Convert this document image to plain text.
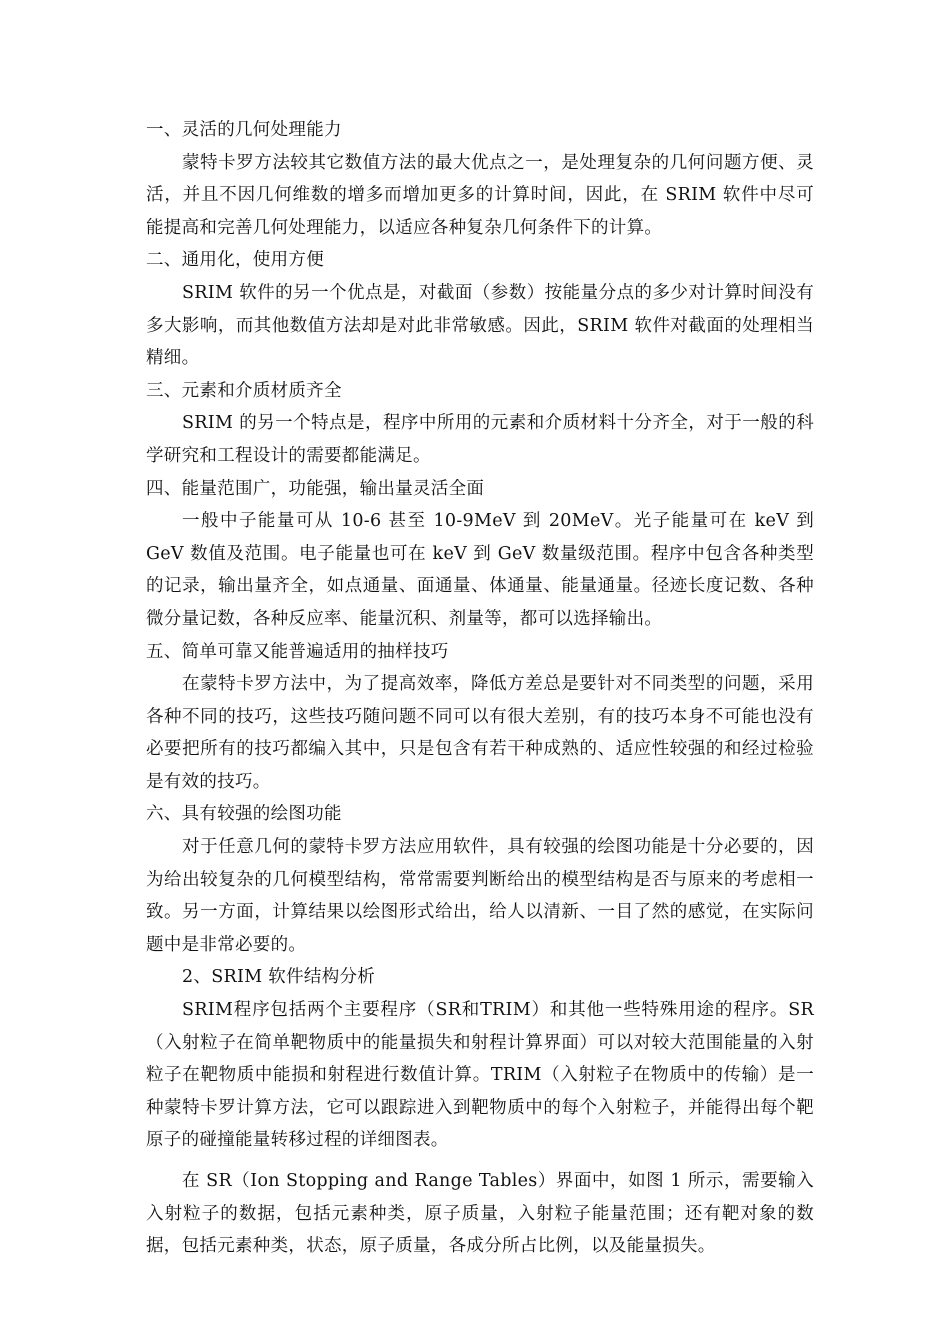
一、灵活的几何处理能力

蒙特卡罗方法较其它数值方法的最大优点之一，是处理复杂的几何问题方便、灵活，并且不因几何维数的增多而增加更多的计算时间，因此，在 SRIM 软件中尽可能提高和完善几何处理能力，以适应各种复杂几何条件下的计算。

二、通用化，使用方便

SRIM 软件的另一个优点是，对截面（参数）按能量分点的多少对计算时间没有多大影响，而其他数值方法却是对此非常敏感。因此，SRIM 软件对截面的处理相当精细。

三、元素和介质材质齐全

SRIM 的另一个特点是，程序中所用的元素和介质材料十分齐全，对于一般的科学研究和工程设计的需要都能满足。

四、能量范围广，功能强，输出量灵活全面

一般中子能量可从 10-6 甚至 10-9MeV 到 20MeV。光子能量可在 keV 到 GeV 数值及范围。电子能量也可在 keV 到 GeV 数量级范围。程序中包含各种类型的记录，输出量齐全，如点通量、面通量、体通量、能量通量。径迹长度记数、各种微分量记数，各种反应率、能量沉积、剂量等，都可以选择输出。

五、简单可靠又能普遍适用的抽样技巧

在蒙特卡罗方法中，为了提高效率，降低方差总是要针对不同类型的问题，采用各种不同的技巧，这些技巧随问题不同可以有很大差别，有的技巧本身不可能也没有必要把所有的技巧都编入其中，只是包含有若干种成熟的、适应性较强的和经过检验是有效的技巧。

六、具有较强的绘图功能

对于任意几何的蒙特卡罗方法应用软件，具有较强的绘图功能是十分必要的，因为给出较复杂的几何模型结构，常常需要判断给出的模型结构是否与原来的考虑相一致。另一方面，计算结果以绘图形式给出，给人以清新、一目了然的感觉，在实际问题中是非常必要的。

2、SRIM 软件结构分析

SRIM程序包括两个主要程序（SR和TRIM）和其他一些特殊用途的程序。SR（入射粒子在简单靶物质中的能量损失和射程计算界面）可以对较大范围能量的入射粒子在靶物质中能损和射程进行数值计算。TRIM（入射粒子在物质中的传输）是一种蒙特卡罗计算方法，它可以跟踪进入到靶物质中的每个入射粒子，并能得出每个靶原子的碰撞能量转移过程的详细图表。

在 SR（Ion Stopping and Range Tables）界面中，如图 1 所示，需要输入入射粒子的数据，包括元素种类，原子质量，入射粒子能量范围；还有靶对象的数据，包括元素种类，状态，原子质量，各成分所占比例，以及能量损失。
